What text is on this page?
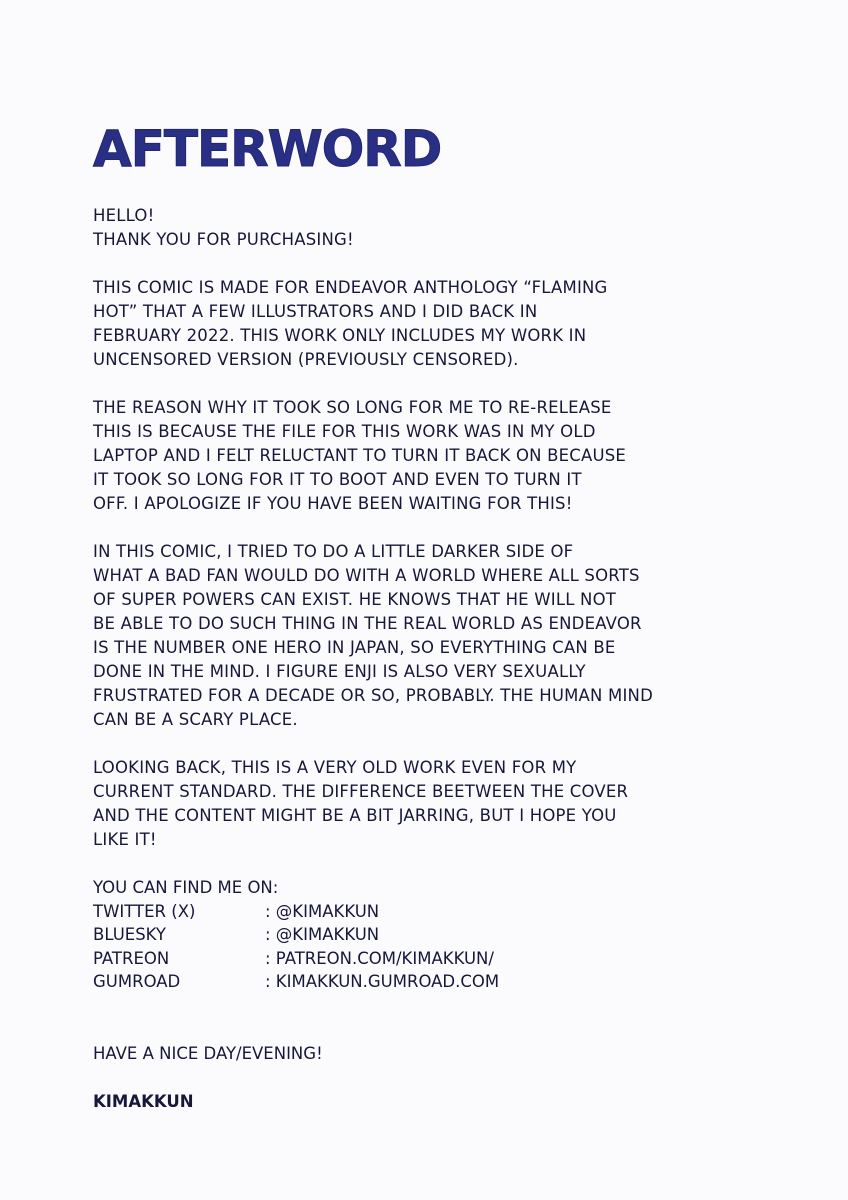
AFTERWORD
HELLO!
THANK YOU FOR PURCHASING!
THIS COMIC IS MADE FOR ENDEAVOR ANTHOLOGY “FLAMING
HOT” THAT A FEW ILLUSTRATORS AND I DID BACK IN
FEBRUARY 2022. THIS WORK ONLY INCLUDES MY WORK IN
UNCENSORED VERSION (PREVIOUSLY CENSORED).
THE REASON WHY IT TOOK SO LONG FOR ME TO RE-RELEASE
THIS IS BECAUSE THE FILE FOR THIS WORK WAS IN MY OLD
LAPTOP AND I FELT RELUCTANT TO TURN IT BACK ON BECAUSE
IT TOOK SO LONG FOR IT TO BOOT AND EVEN TO TURN IT
OFF. I APOLOGIZE IF YOU HAVE BEEN WAITING FOR THIS!
IN THIS COMIC, I TRIED TO DO A LITTLE DARKER SIDE OF
WHAT A BAD FAN WOULD DO WITH A WORLD WHERE ALL SORTS
OF SUPER POWERS CAN EXIST. HE KNOWS THAT HE WILL NOT
BE ABLE TO DO SUCH THING IN THE REAL WORLD AS ENDEAVOR
IS THE NUMBER ONE HERO IN JAPAN, SO EVERYTHING CAN BE
DONE IN THE MIND. I FIGURE ENJI IS ALSO VERY SEXUALLY
FRUSTRATED FOR A DECADE OR SO, PROBABLY. THE HUMAN MIND
CAN BE A SCARY PLACE.
LOOKING BACK, THIS IS A VERY OLD WORK EVEN FOR MY
CURRENT STANDARD. THE DIFFERENCE BEETWEEN THE COVER
AND THE CONTENT MIGHT BE A BIT JARRING, BUT I HOPE YOU
LIKE IT!
YOU CAN FIND ME ON:
TWITTER (X)	: @KIMAKKUN
BLUESKY	: @KIMAKKUN
PATREON	: PATREON.COM/KIMAKKUN/
GUMROAD	: KIMAKKUN.GUMROAD.COM
HAVE A NICE DAY/EVENING!
KIMAKKUN
